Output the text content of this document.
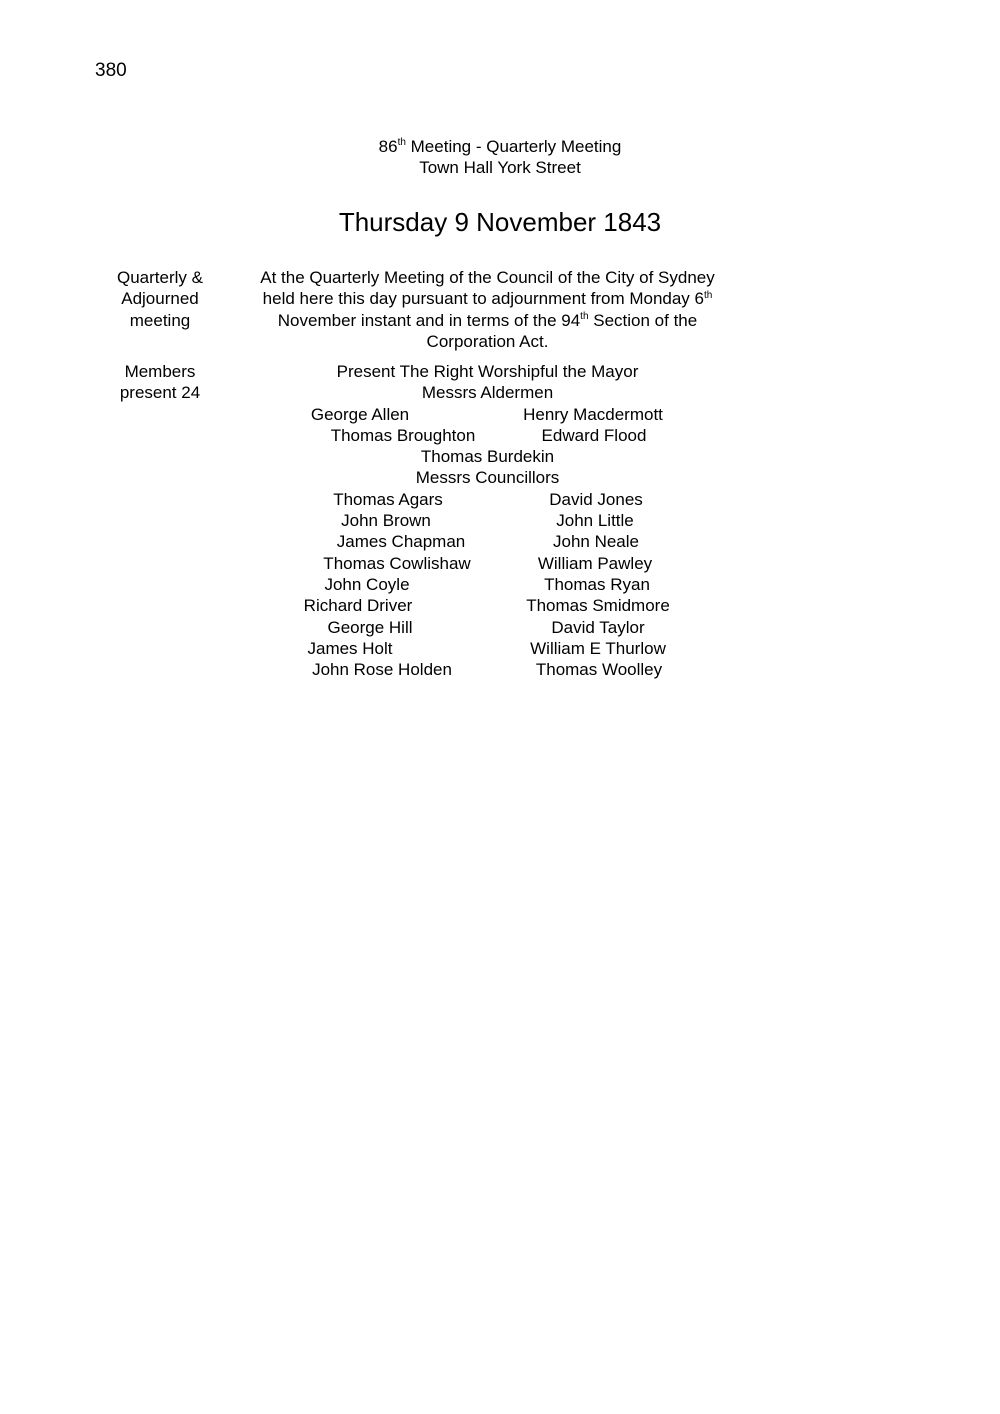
380
86th Meeting - Quarterly Meeting
Town Hall York Street
Thursday 9 November 1843
Quarterly &
Adjourned
meeting
At the Quarterly Meeting of the Council of the City of Sydney
held here this day pursuant to adjournment from Monday 6th
November instant and in terms of the 94th Section of the
Corporation Act.
Members
present 24
Present The Right Worshipful the Mayor
Messrs Aldermen
George Allen	Henry Macdermott
Thomas Broughton	Edward Flood
Thomas Burdekin
Messrs Councillors
Thomas Agars	David Jones
John Brown	John Little
James Chapman	John Neale
Thomas Cowlishaw	William Pawley
John Coyle	Thomas Ryan
Richard Driver	Thomas Smidmore
George Hill	David Taylor
James Holt	William E Thurlow
John Rose Holden	Thomas Woolley
